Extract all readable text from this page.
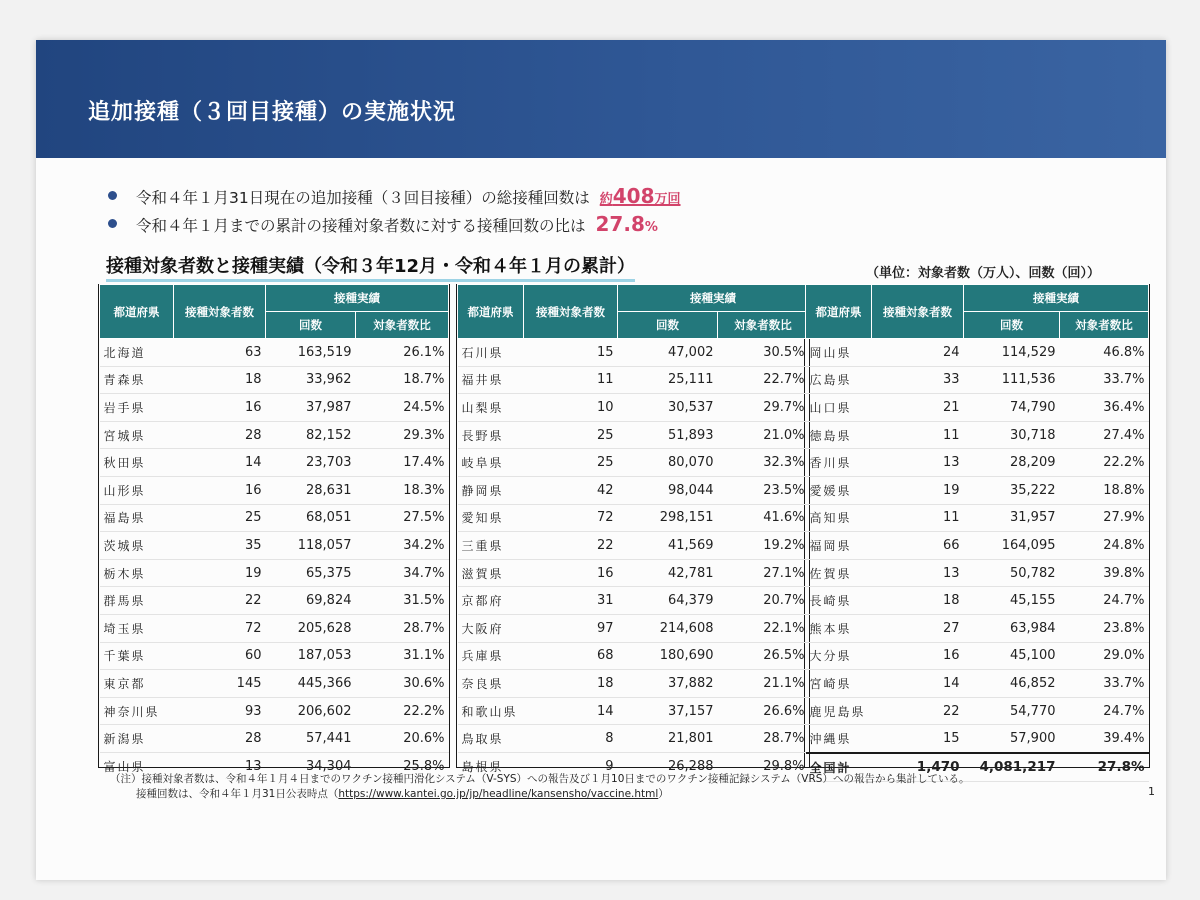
追加接種（３回目接種）の実施状況
令和４年１月31日現在の追加接種（３回目接種）の総接種回数は 約408万回
令和４年１月までの累計の接種対象者数に対する接種回数の比は 27.8%
接種対象者数と接種実績（令和３年12月・令和４年１月の累計）	（単位：対象者数（万人）、回数（回））
都道府県	接種対象者数	接種実績	
		回数	対象者数比
北海道	63	163,519	26.1%
青森県	18	33,962	18.7%
岩手県	16	37,987	24.5%
宮城県	28	82,152	29.3%
秋田県	14	23,703	17.4%
山形県	16	28,631	18.3%
福島県	25	68,051	27.5%
茨城県	35	118,057	34.2%
栃木県	19	65,375	34.7%
群馬県	22	69,824	31.5%
埼玉県	72	205,628	28.7%
千葉県	60	187,053	31.1%
東京都	145	445,366	30.6%
神奈川県	93	206,602	22.2%
新潟県	28	57,441	20.6%
富山県	13	34,304	25.8%
都道府県	接種対象者数	接種実績	
		回数	対象者数比
石川県	15	47,002	30.5%
福井県	11	25,111	22.7%
山梨県	10	30,537	29.7%
長野県	25	51,893	21.0%
岐阜県	25	80,070	32.3%
静岡県	42	98,044	23.5%
愛知県	72	298,151	41.6%
三重県	22	41,569	19.2%
滋賀県	16	42,781	27.1%
京都府	31	64,379	20.7%
大阪府	97	214,608	22.1%
兵庫県	68	180,690	26.5%
奈良県	18	37,882	21.1%
和歌山県	14	37,157	26.6%
鳥取県	8	21,801	28.7%
島根県	9	26,288	29.8%
都道府県	接種対象者数	接種実績	
		回数	対象者数比
岡山県	24	114,529	46.8%
広島県	33	111,536	33.7%
山口県	21	74,790	36.4%
徳島県	11	30,718	27.4%
香川県	13	28,209	22.2%
愛媛県	19	35,222	18.8%
高知県	11	31,957	27.9%
福岡県	66	164,095	24.8%
佐賀県	13	50,782	39.8%
長崎県	18	45,155	24.7%
熊本県	27	63,984	23.8%
大分県	16	45,100	29.0%
宮崎県	14	46,852	33.7%
鹿児島県	22	54,770	24.7%
沖縄県	15	57,900	39.4%
全国計	1,470	4,081,217	27.8%
（注）接種対象者数は、令和４年１月４日までのワクチン接種円滑化システム（V-SYS）への報告及び１月10日までのワクチン接種記録システム（VRS）への報告から集計している。
接種回数は、令和４年１月31日公表時点（https://www.kantei.go.jp/jp/headline/kansensho/vaccine.html）	1
